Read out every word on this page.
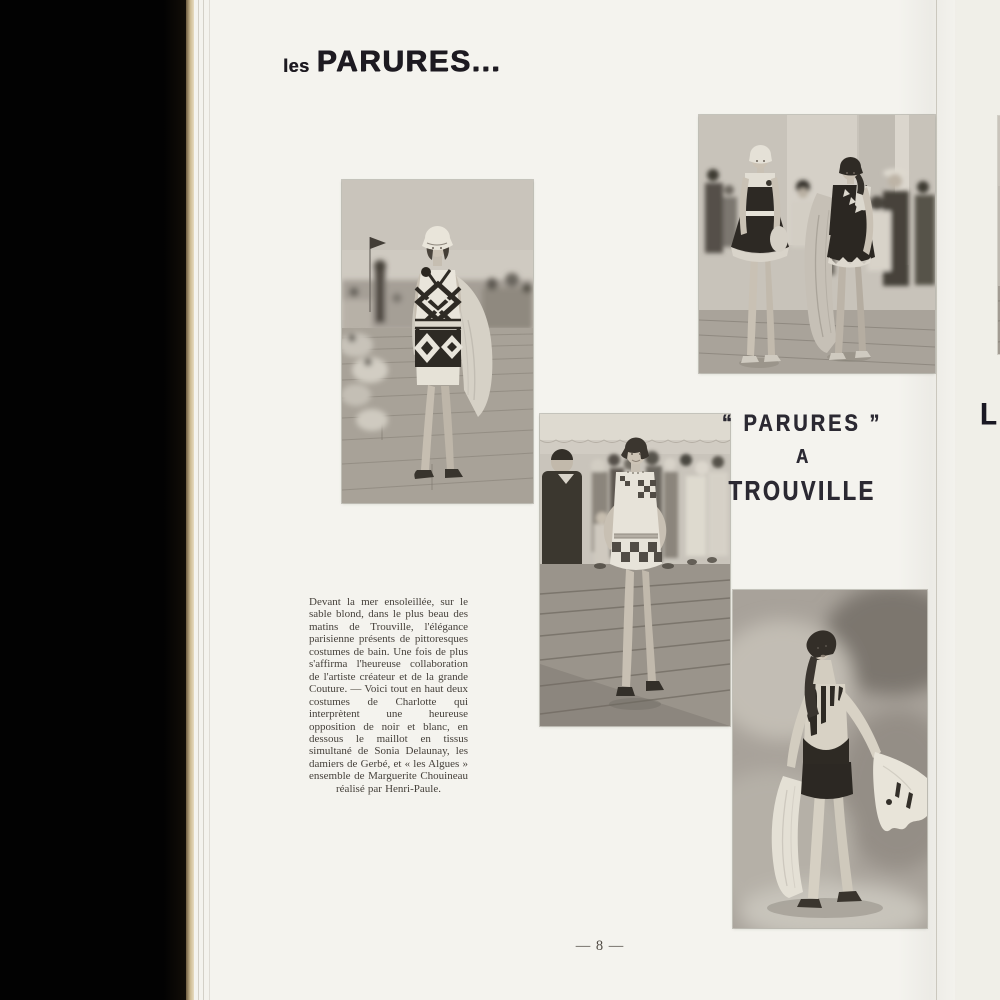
les PARURES...
“ PARURES ”
A
TROUVILLE

Devant la mer ensoleillée, sur le sable blond, dans le plus beau des matins de Trouville, l'élégance parisienne présents de pittoresques costumes de bain. Une fois de plus s'affirma l'heureuse collaboration de l'artiste créateur et de la grande Couture. — Voici tout en haut deux costumes de Charlotte qui interprètent une heureuse opposition de noir et blanc, en dessous le maillot en tissus simultané de Sonia Delaunay, les damiers de Gerbé, et « les Algues » ensemble de Marguerite Chouineau réalisé par Henri-Paule.

— 8 —
L
